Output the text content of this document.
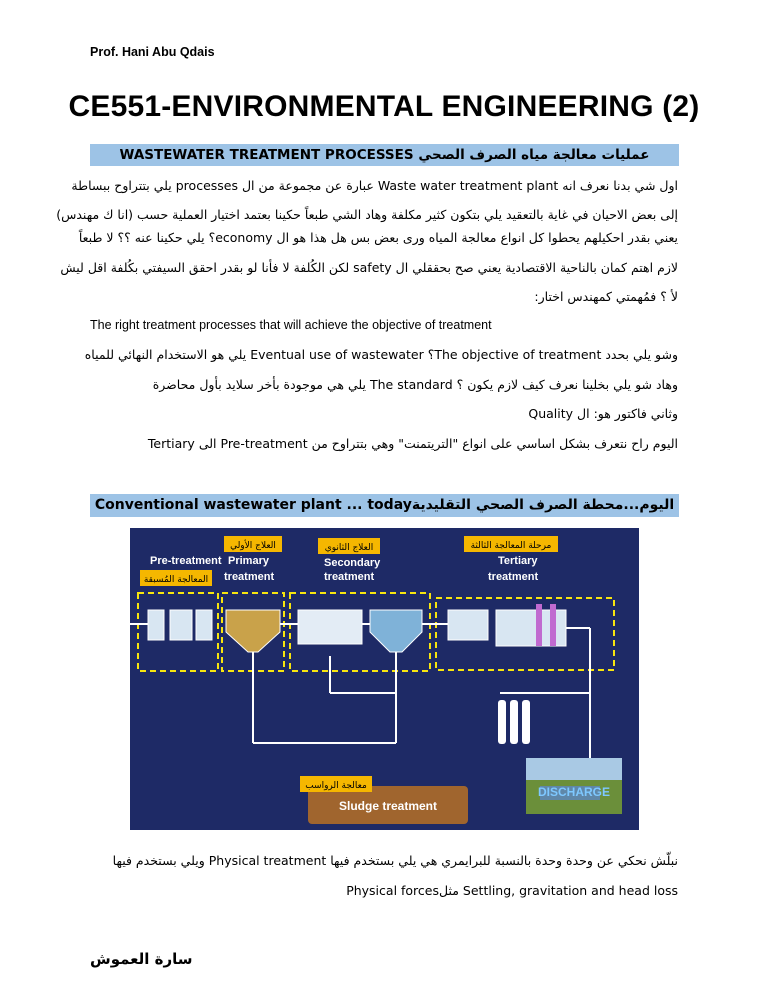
Prof. Hani Abu Qdais
CE551-ENVIRONMENTAL ENGINEERING (2)
WASTEWATER TREATMENT PROCESSES عمليات معالجة مياه الصرف الصحي
اول شي بدنا نعرف انه Waste water treatment plant عبارة عن مجموعة من ال processes يلي بتتراوح ببساطة
إلى بعض الاحيان في غاية بالتعقيد يلي بتكون كثير مكلفة وهاد الشي طبعاً حكينا بعتمد اختيار العملية حسب (انا ك مهندس)
يعني بقدر احكيلهم يحطوا كل انواع معالجة المياه ورى بعض بس هل هذا هو ال economy؟ يلي حكينا عنه ؟؟ لا طبعاً
لازم اهتم كمان بالناحية الاقتصادية يعني صح بحققلي ال safety لكن الكُلفة لا فأنا لو بقدر احقق السيفتي بكُلفة اقل ليش
لأ ؟ فمُهمتي كمهندس اختار:
The right treatment processes that will achieve the objective of treatment
وشو يلي بحدد The objective of treatment؟ Eventual use of wastewater يلي هو الاستخدام النهائي للمياه
وهاد شو يلي بخلينا نعرف كيف لازم يكون ؟ The standard يلي هي موجودة بأخر سلايد بأول محاضرة
وثاني فاكتور هو: ال Quality
اليوم راح نتعرف بشكل اساسي على انواع "التريتمنت" وهي بتتراوح من Pre-treatment الى Tertiary
Conventional wastewater plant ... todayاليوم...محطة الصرف الصحي التقليدية
DISCHARGE
Sludge treatment
معالجة الرواسب
Pre-treatment Primary
treatment
Secondary
treatment
Tertiary
treatment
العلاج الأولي
المعالجة المُسبقة
العلاج الثانوي	مرحلة المعالجة الثالثة
نبلّش نحكي عن وحدة وحدة بالنسبة للبرايمري هي يلي بستخدم فيها Physical treatment ويلي بستخدم فيها
Settling, gravitation and head loss مثلPhysical forces
سارة العموش
